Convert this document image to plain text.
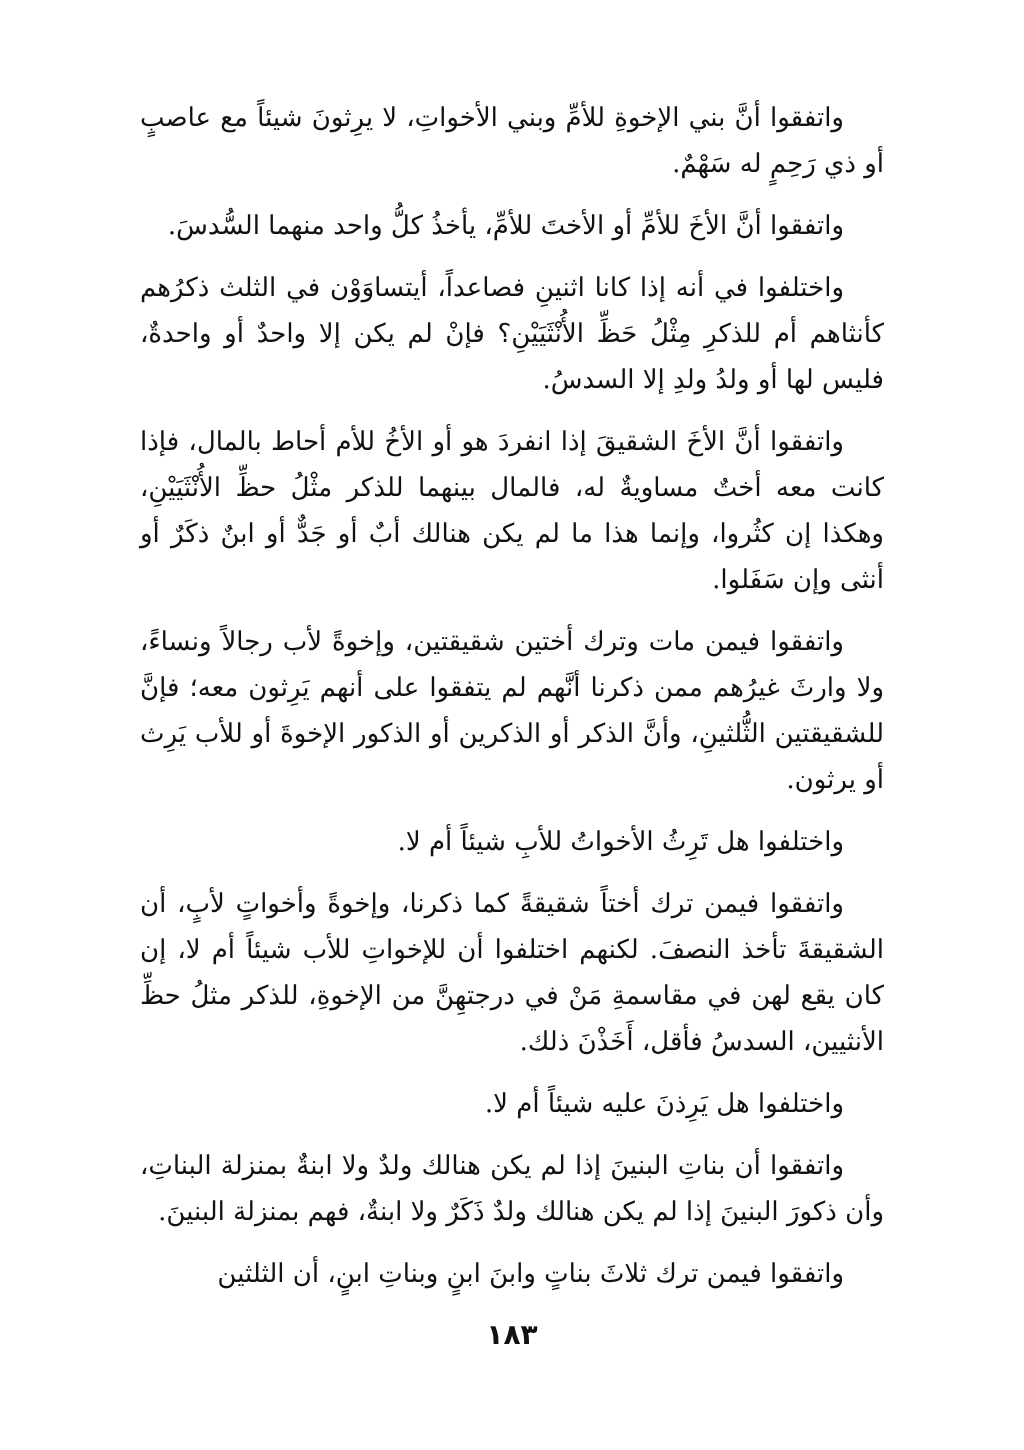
واتفقوا أنَّ بني الإخوةِ للأمِّ وبني الأخواتِ، لا يرِثونَ شيئاً مع عاصبٍ أو ذي رَحِمٍ له سَهْمٌ.

واتفقوا أنَّ الأخَ للأمِّ أو الأختَ للأمِّ، يأخذُ كلُّ واحد منهما السُّدسَ.

واختلفوا في أنه إذا كانا اثنينِ فصاعداً، أيتساوَوْن في الثلث ذكرُهم كأنثاهم أم للذكرِ مِثْلُ حَظِّ الأُنْثَيَيْنِ؟ فإنْ لم يكن إلا واحدٌ أو واحدةٌ، فليس لها أو ولدُ ولدِ إلا السدسُ.

واتفقوا أنَّ الأخَ الشقيقَ إذا انفردَ هو أو الأخُ للأم أحاط بالمال، فإذا كانت معه أختٌ مساويةٌ له، فالمال بينهما للذكر مثْلُ حظِّ الأُنْثَيَيْنِ، وهكذا إن كثُروا، وإنما هذا ما لم يكن هنالك أبٌ أو جَدٌّ أو ابنٌ ذكَرٌ أو أنثى وإن سَفَلوا.

واتفقوا فيمن مات وترك أختين شقيقتين، وإخوةً لأب رجالاً ونساءً، ولا وارثَ غيرُهم ممن ذكرنا أنَّهم لم يتفقوا على أنهم يَرِثون معه؛ فإنَّ للشقيقتين الثُّلثينِ، وأنَّ الذكر أو الذكرين أو الذكور الإخوةَ أو للأب يَرِث أو يرثون.

واختلفوا هل تَرِثُ الأخواتُ للأبِ شيئاً أم لا.

واتفقوا فيمن ترك أختاً شقيقةً كما ذكرنا، وإخوةً وأخواتٍ لأبٍ، أن الشقيقةَ تأخذ النصفَ. لكنهم اختلفوا أن للإخواتِ للأب شيئاً أم لا، إن كان يقع لهن في مقاسمةِ مَنْ في درجتهِنَّ من الإخوةِ، للذكر مثلُ حظِّ الأنثيين، السدسُ فأقل، أَخَذْنَ ذلك.

واختلفوا هل يَرِذنَ عليه شيئاً أم لا.

واتفقوا أن بناتِ البنينَ إذا لم يكن هنالك ولدٌ ولا ابنةٌ بمنزلة البناتِ، وأن ذكورَ البنينَ إذا لم يكن هنالك ولدٌ ذَكَرٌ ولا ابنةٌ، فهم بمنزلة البنينَ.

واتفقوا فيمن ترك ثلاثَ بناتٍ وابنَ ابنٍ وبناتِ ابنٍ، أن الثلثين

١٨٣
